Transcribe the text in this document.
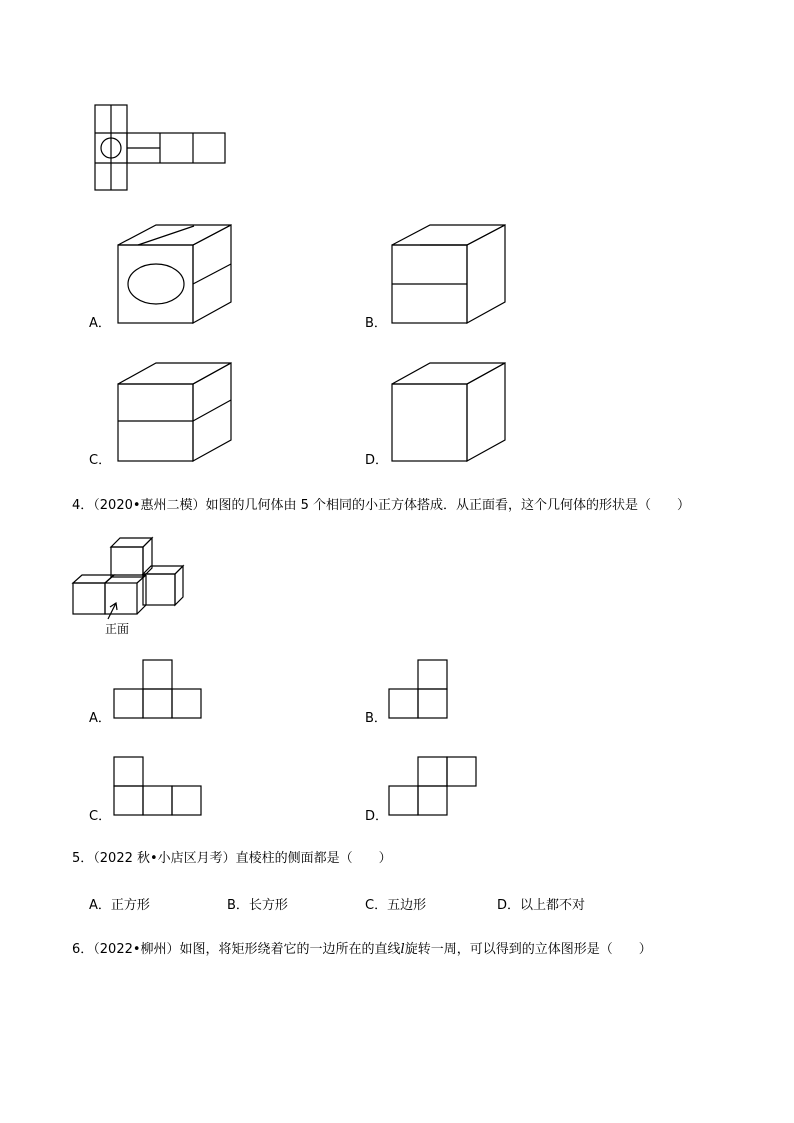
A．	B．
C．	D．
4．（2020•惠州二模）如图的几何体由 5 个相同的小正方体搭成．从正面看，这个几何体的形状是（　　）
正面
A．	B．
C．	D．
5．（2022 秋•小店区月考）直棱柱的侧面都是（　　）
A．正方形	B．长方形	C．五边形	D．以上都不对
6．（2022•柳州）如图，将矩形绕着它的一边所在的直线l旋转一周，可以得到的立体图形是（　　）
